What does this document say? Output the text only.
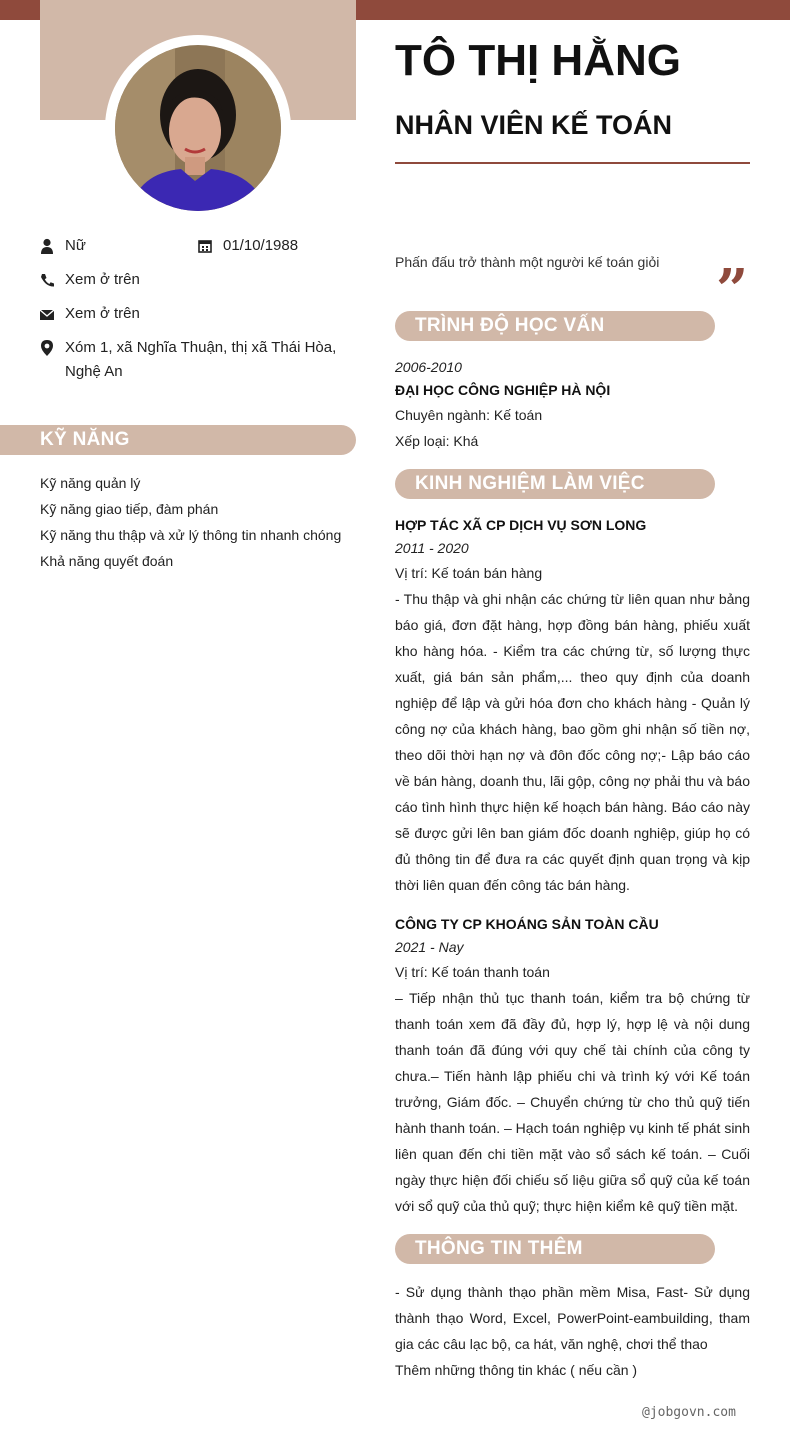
Nữ	01/10/1988
Xem ở trên
Xem ở trên
Xóm 1, xã Nghĩa Thuận, thị xã Thái Hòa,
Nghệ An
KỸ NĂNG
Kỹ năng quản lý
Kỹ năng giao tiếp, đàm phán
Kỹ năng thu thập và xử lý thông tin nhanh chóng
Khả năng quyết đoán
TÔ THỊ HẰNG
NHÂN VIÊN KẾ TOÁN
Phấn đấu trở thành một người kế toán giỏi ”
TRÌNH ĐỘ HỌC VẤN
2006-2010
ĐẠI HỌC CÔNG NGHIỆP HÀ NỘI
Chuyên ngành: Kế toán
Xếp loại: Khá
KINH NGHIỆM LÀM VIỆC
HỢP TÁC XÃ CP DỊCH VỤ SƠN LONG
2011 - 2020
Vị trí: Kế toán bán hàng

- Thu thập và ghi nhận các chứng từ liên quan như bảng báo giá, đơn đặt hàng, hợp đồng bán hàng, phiếu xuất kho hàng hóa. - Kiểm tra các chứng từ, số lượng thực xuất, giá bán sản phẩm,... theo quy định của doanh nghiệp để lập và gửi hóa đơn cho khách hàng - Quản lý công nợ của khách hàng, bao gồm ghi nhận số tiền nợ, theo dõi thời hạn nợ và đôn đốc công nợ;- Lập báo cáo về bán hàng, doanh thu, lãi gộp, công nợ phải thu và báo cáo tình hình thực hiện kế hoạch bán hàng. Báo cáo này sẽ được gửi lên ban giám đốc doanh nghiệp, giúp họ có đủ thông tin để đưa ra các quyết định quan trọng và kịp thời liên quan đến công tác bán hàng.

CÔNG TY CP KHOÁNG SẢN TOÀN CẦU
2021 - Nay
Vị trí: Kế toán thanh toán

– Tiếp nhận thủ tục thanh toán, kiểm tra bộ chứng từ thanh toán xem đã đầy đủ, hợp lý, hợp lệ và nội dung thanh toán đã đúng với quy chế tài chính của công ty chưa.– Tiến hành lập phiếu chi và trình ký với Kế toán trưởng, Giám đốc. – Chuyển chứng từ cho thủ quỹ tiến hành thanh toán. – Hạch toán nghiệp vụ kinh tế phát sinh liên quan đến chi tiền mặt vào sổ sách kế toán. – Cuối ngày thực hiện đối chiếu số liệu giữa sổ quỹ của kế toán với sổ quỹ của thủ quỹ; thực hiện kiểm kê quỹ tiền mặt.

THÔNG TIN THÊM

- Sử dụng thành thạo phần mềm Misa, Fast- Sử dụng thành thạo Word, Excel, PowerPoint-eambuilding, tham gia các câu lạc bộ, ca hát, văn nghệ, chơi thể thao

Thêm những thông tin khác ( nếu cần )
@jobgovn.com
